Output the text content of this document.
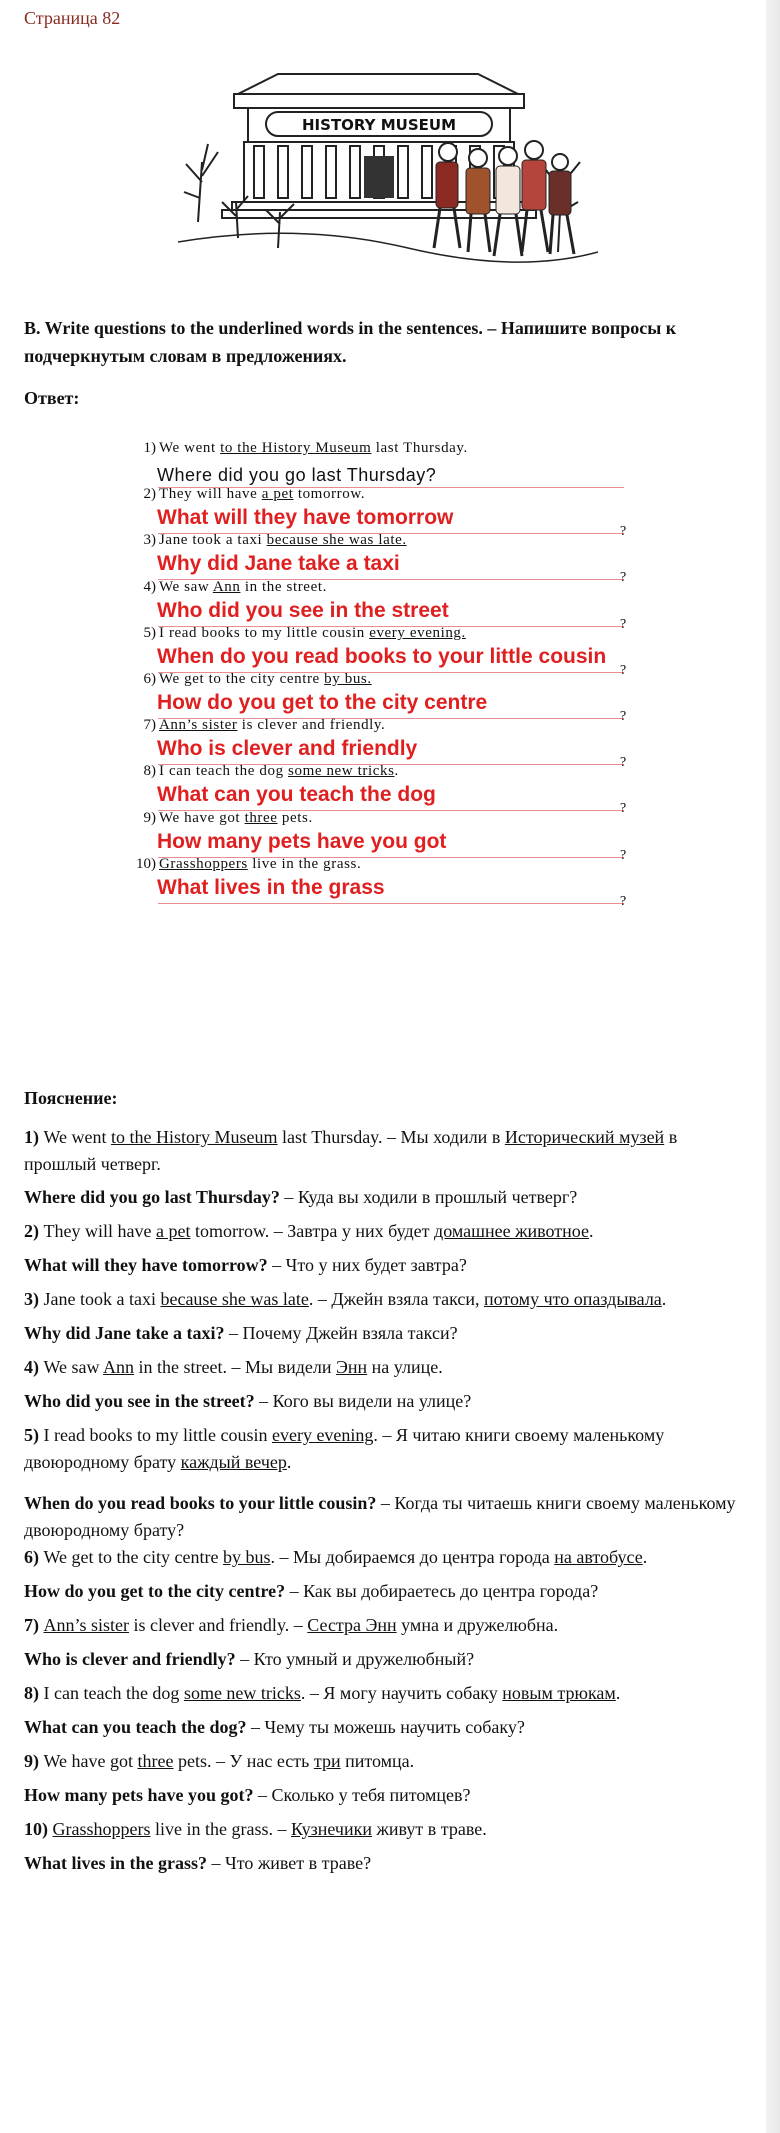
Страница 82
HISTORY MUSEUM
B. Write questions to the underlined words in the sentences. – Напишите вопросы к подчеркнутым словам в предложениях.
Ответ:
1) We went to the History Museum last Thursday.
Where did you go last Thursday?
2) They will have a pet tomorrow.
What will they have tomorrow
?
3) Jane took a taxi because she was late.
Why did Jane take a taxi
?
4) We saw Ann in the street.
Who did you see in the street
?
5) I read books to my little cousin every evening.
When do you read books to your little cousin
?
6) We get to the city centre by bus.
How do you get to the city centre
?
7) Ann’s sister is clever and friendly.
Who is clever and friendly
?
8) I can teach the dog some new tricks.
What can you teach the dog
?
9) We have got three pets.
How many pets have you got
?
10) Grasshoppers live in the grass.
What lives in the grass
?
Пояснение:
1) We went to the History Museum last Thursday. – Мы ходили в Исторический музей в прошлый четверг.
Where did you go last Thursday? – Куда вы ходили в прошлый четверг?
2) They will have a pet tomorrow. – Завтра у них будет домашнее животное.
What will they have tomorrow? – Что у них будет завтра?
3) Jane took a taxi because she was late. – Джейн взяла такси, потому что опаздывала.
Why did Jane take a taxi? – Почему Джейн взяла такси?
4) We saw Ann in the street. – Мы видели Энн на улице.
Who did you see in the street? – Кого вы видели на улице?
5) I read books to my little cousin every evening. – Я читаю книги своему маленькому двоюродному брату каждый вечер.
When do you read books to your little cousin? – Когда ты читаешь книги своему маленькому двоюродному брату?
6) We get to the city centre by bus. – Мы добираемся до центра города на автобусе.
How do you get to the city centre? – Как вы добираетесь до центра города?
7) Ann’s sister is clever and friendly. – Сестра Энн умна и дружелюбна.
Who is clever and friendly? – Кто умный и дружелюбный?
8) I can teach the dog some new tricks. – Я могу научить собаку новым трюкам.
What can you teach the dog? – Чему ты можешь научить собаку?
9) We have got three pets. – У нас есть три питомца.
How many pets have you got? – Сколько у тебя питомцев?
10) Grasshoppers live in the grass. – Кузнечики живут в траве.
What lives in the grass? – Что живет в траве?
